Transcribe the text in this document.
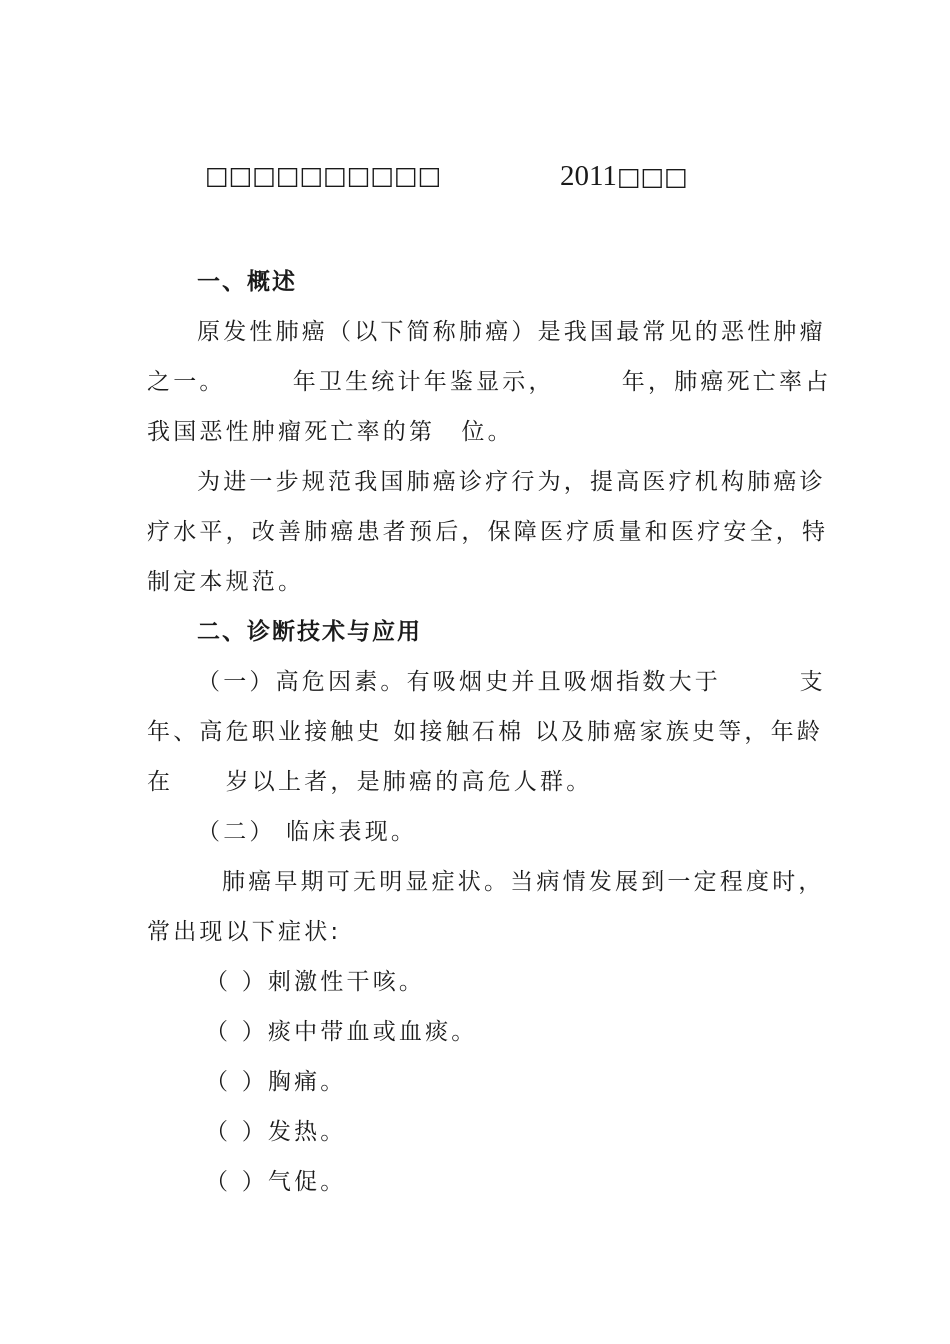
□□□□□□□□□□	2011□□□
一、概述
原发性肺癌（以下简称肺癌）是我国最常见的恶性肿瘤
之一。　　　年卫生统计年鉴显示，　　　年，肺癌死亡率占
我国恶性肿瘤死亡率的第　位。
为进一步规范我国肺癌诊疗行为，提高医疗机构肺癌诊
疗水平，改善肺癌患者预后，保障医疗质量和医疗安全，特
制定本规范。
二、诊断技术与应用
（一）高危因素。有吸烟史并且吸烟指数大于　　　支
年、高危职业接触史 如接触石棉 以及肺癌家族史等，年龄
在　　岁以上者，是肺癌的高危人群。
（二） 临床表现。
肺癌早期可无明显症状。当病情发展到一定程度时，
常出现以下症状:
（ ）刺激性干咳。
（ ）痰中带血或血痰。
（ ）胸痛。
（ ）发热。
（ ）气促。
